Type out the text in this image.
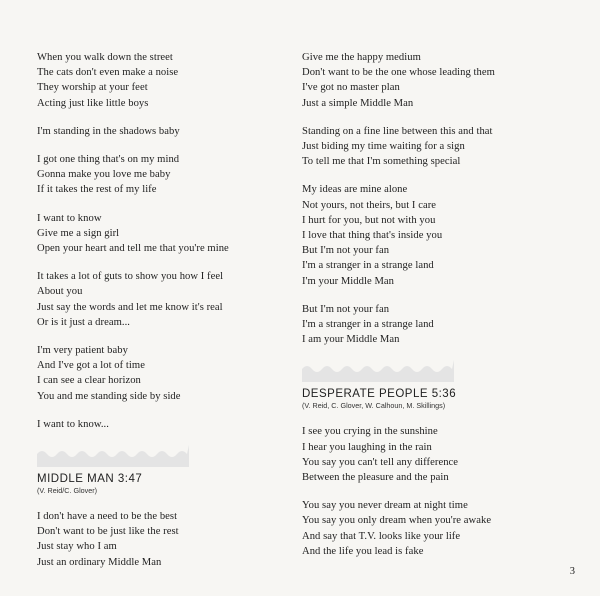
When you walk down the street
The cats don't even make a noise
They worship at your feet
Acting just like little boys
I'm standing in the shadows baby
I got one thing that's on my mind
Gonna make you love me baby
If it takes the rest of my life
I want to know
Give me a sign girl
Open your heart and tell me that you're mine
It takes a lot of guts to show you how I feel
About you
Just say the words and let me know it's real
Or is it just a dream...
I'm very patient baby
And I've got a lot of time
I can see a clear horizon
You and me standing side by side
I want to know...
MIDDLE MAN 3:47
(V. Reid/C. Glover)
I don't have a need to be the best
Don't want to be just like the rest
Just stay who I am
Just an ordinary Middle Man
Give me the happy medium
Don't want to be the one whose leading them
I've got no master plan
Just a simple Middle Man
Standing on a fine line between this and that
Just biding my time waiting for a sign
To tell me that I'm something special
My ideas are mine alone
Not yours, not theirs, but I care
I hurt for you, but not with you
I love that thing that's inside you
But I'm not your fan
I'm a stranger in a strange land
I'm your Middle Man
But I'm not your fan
I'm a stranger in a strange land
I am your Middle Man
DESPERATE PEOPLE 5:36
(V. Reid, C. Glover, W. Calhoun, M. Skillings)
I see you crying in the sunshine
I hear you laughing in the rain
You say you can't tell any difference
Between the pleasure and the pain
You say you never dream at night time
You say you only dream when you're awake
And say that T.V. looks like your life
And the life you lead is fake
3
